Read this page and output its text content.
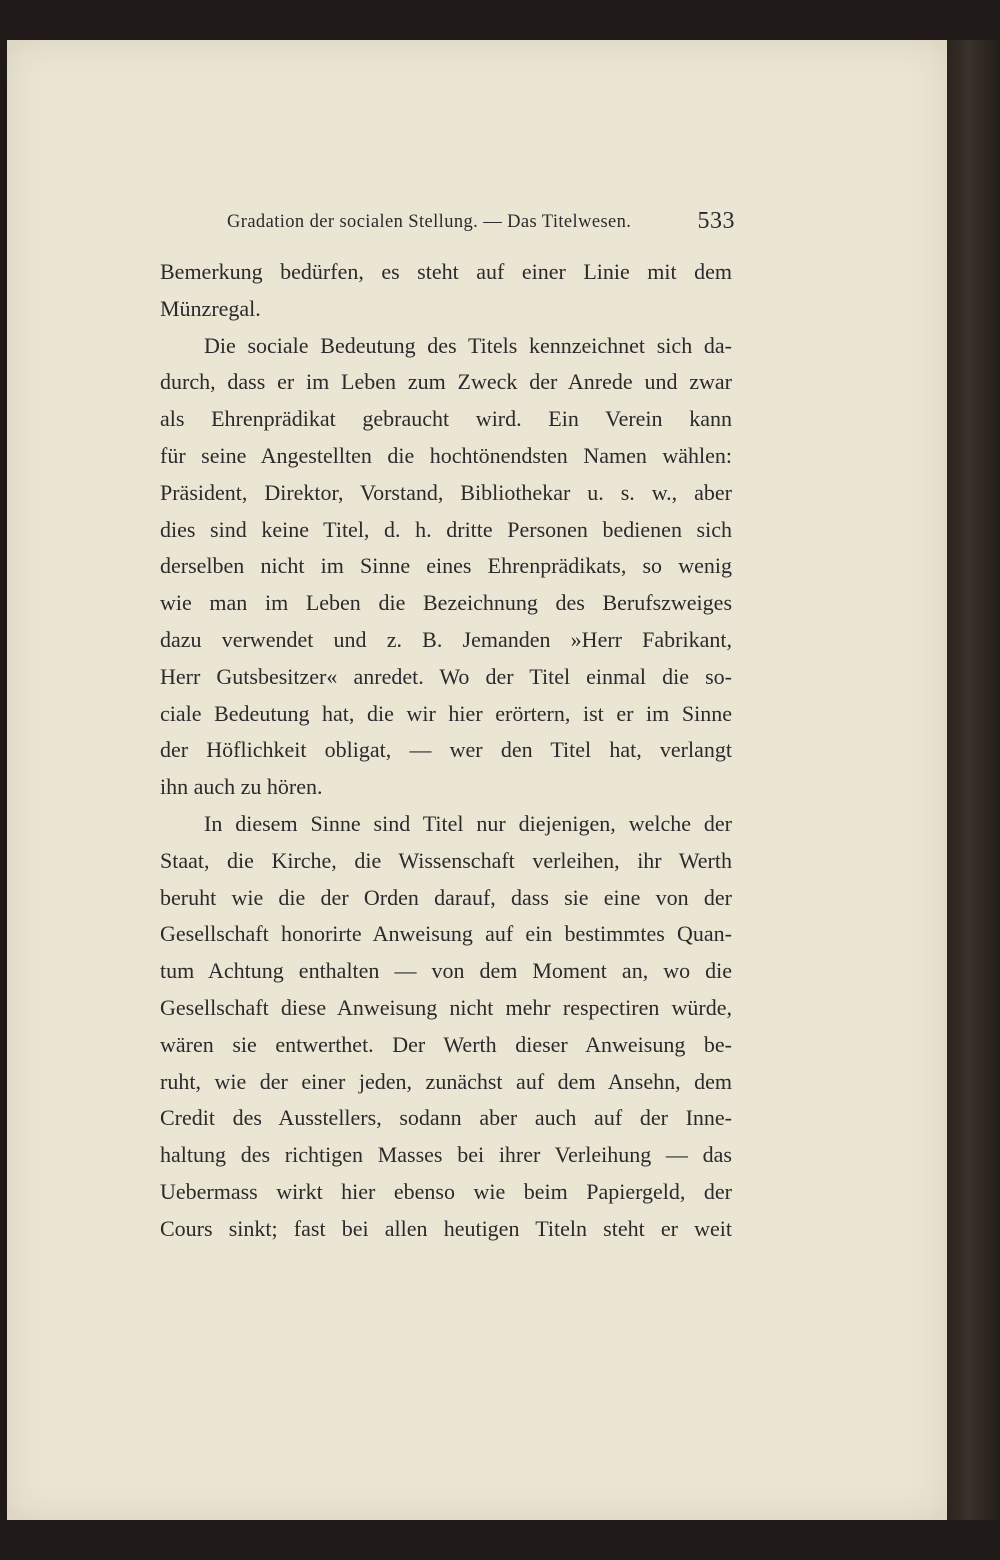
Gradation der socialen Stellung. — Das Titelwesen.	533
Bemerkung bedürfen, es steht auf einer Linie mit dem
Münzregal.
Die sociale Bedeutung des Titels kennzeichnet sich da-
durch, dass er im Leben zum Zweck der Anrede und zwar
als Ehrenprädikat gebraucht wird. Ein Verein kann
für seine Angestellten die hochtönendsten Namen wählen:
Präsident, Direktor, Vorstand, Bibliothekar u. s. w., aber
dies sind keine Titel, d. h. dritte Personen bedienen sich
derselben nicht im Sinne eines Ehrenprädikats, so wenig
wie man im Leben die Bezeichnung des Berufszweiges
dazu verwendet und z. B. Jemanden »Herr Fabrikant,
Herr Gutsbesitzer« anredet. Wo der Titel einmal die so-
ciale Bedeutung hat, die wir hier erörtern, ist er im Sinne
der Höflichkeit obligat, — wer den Titel hat, verlangt
ihn auch zu hören.
In diesem Sinne sind Titel nur diejenigen, welche der
Staat, die Kirche, die Wissenschaft verleihen, ihr Werth
beruht wie die der Orden darauf, dass sie eine von der
Gesellschaft honorirte Anweisung auf ein bestimmtes Quan-
tum Achtung enthalten — von dem Moment an, wo die
Gesellschaft diese Anweisung nicht mehr respectiren würde,
wären sie entwerthet. Der Werth dieser Anweisung be-
ruht, wie der einer jeden, zunächst auf dem Ansehn, dem
Credit des Ausstellers, sodann aber auch auf der Inne-
haltung des richtigen Masses bei ihrer Verleihung — das
Uebermass wirkt hier ebenso wie beim Papiergeld, der
Cours sinkt; fast bei allen heutigen Titeln steht er weit
